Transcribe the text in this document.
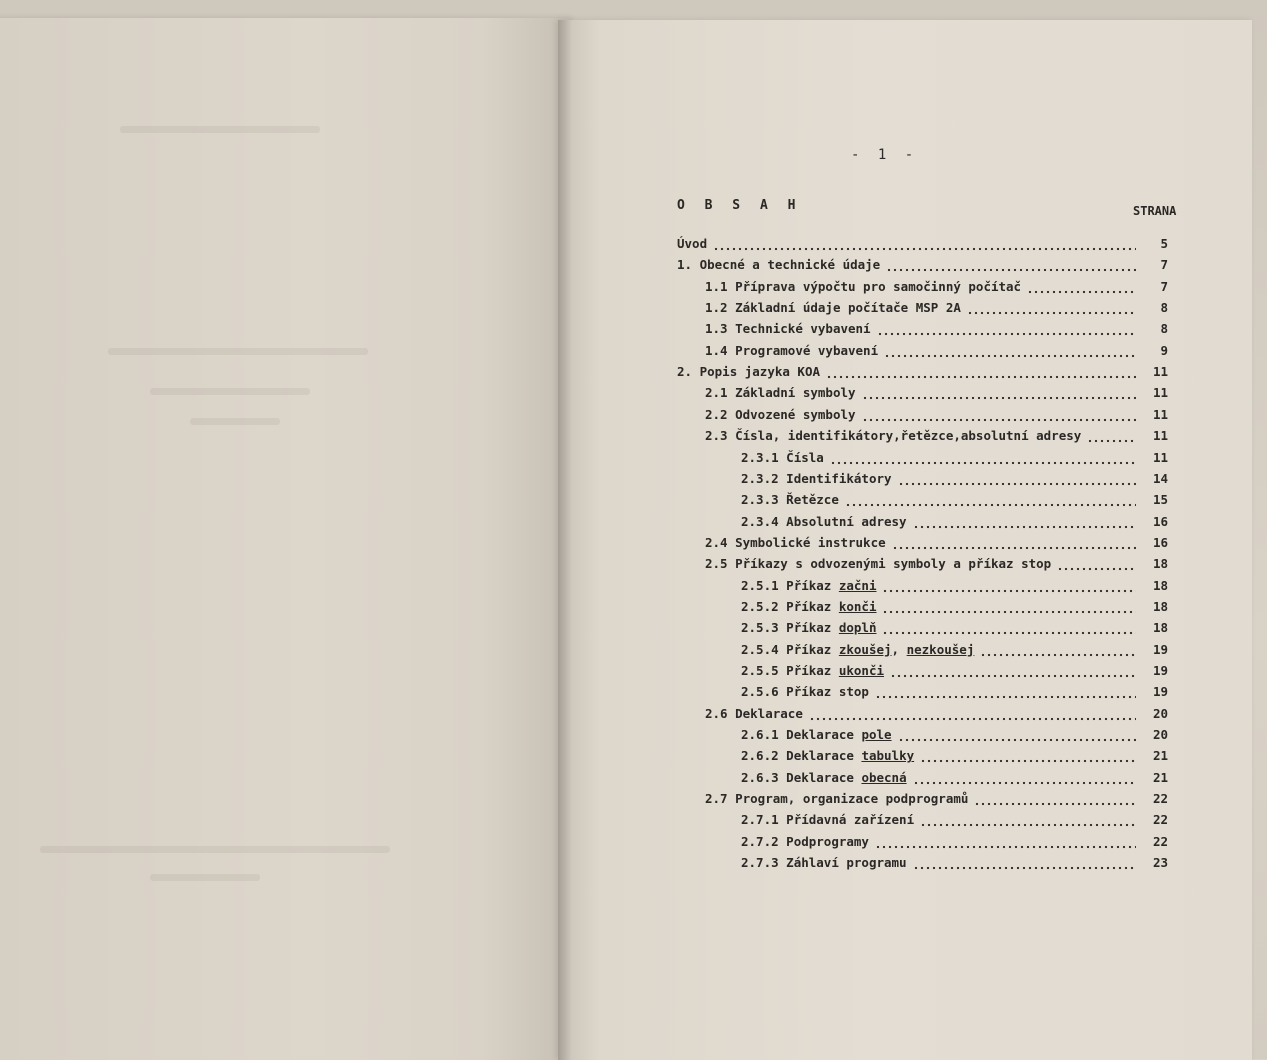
- 1 -
O B S A H	STRANA
Úvod	5
1. Obecné a technické údaje	7
1.1 Příprava výpočtu pro samočinný počítač	7
1.2 Základní údaje počítače MSP 2A	8
1.3 Technické vybavení	8
1.4 Programové vybavení	9
2. Popis jazyka KOA	11
2.1 Základní symboly	11
2.2 Odvozené symboly	11
2.3 Čísla, identifikátory,řetězce,absolutní adresy	11
2.3.1 Čísla	11
2.3.2 Identifikátory	14
2.3.3 Řetězce	15
2.3.4 Absolutní adresy	16
2.4 Symbolické instrukce	16
2.5 Příkazy s odvozenými symboly a příkaz stop	18
2.5.1 Příkaz začni	18
2.5.2 Příkaz konči	18
2.5.3 Příkaz doplň	18
2.5.4 Příkaz zkoušej, nezkoušej	19
2.5.5 Příkaz ukonči	19
2.5.6 Příkaz stop	19
2.6 Deklarace	20
2.6.1 Deklarace pole	20
2.6.2 Deklarace tabulky	21
2.6.3 Deklarace obecná	21
2.7 Program, organizace podprogramů	22
2.7.1 Přídavná zařízení	22
2.7.2 Podprogramy	22
2.7.3 Záhlaví programu	23
